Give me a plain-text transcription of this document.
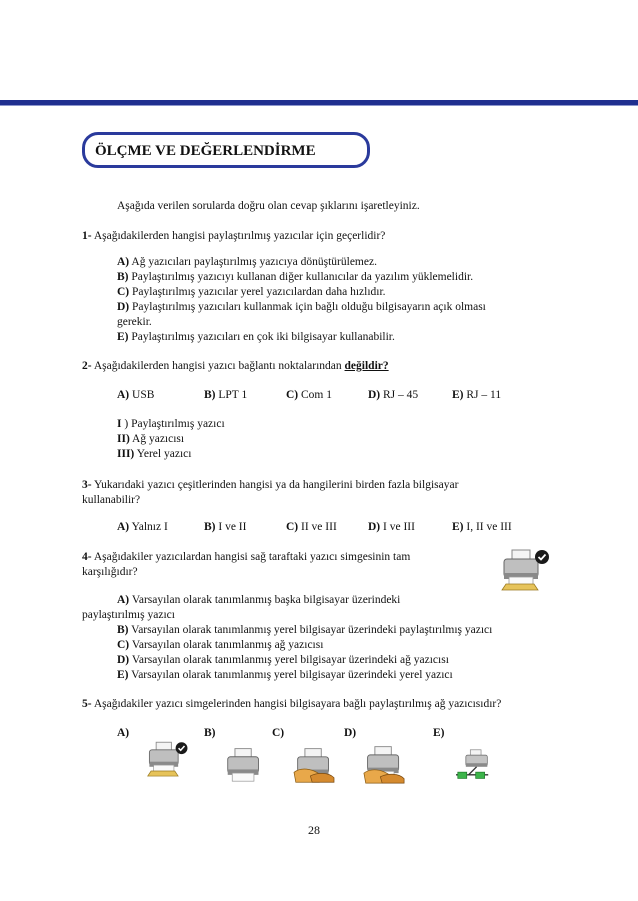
ÖLÇME VE DEĞERLENDİRME
Aşağıda verilen sorularda doğru olan cevap şıklarını işaretleyiniz.
1- Aşağıdakilerden hangisi paylaştırılmış yazıcılar için geçerlidir?
A) Ağ yazıcıları paylaştırılmış yazıcıya dönüştürülemez.
B) Paylaştırılmış yazıcıyı kullanan diğer kullanıcılar da yazılım yüklemelidir.
C) Paylaştırılmış yazıcılar yerel yazıcılardan daha hızlıdır.
D) Paylaştırılmış yazıcıları kullanmak için bağlı olduğu bilgisayarın açık olması
gerekir.
E) Paylaştırılmış yazıcıları en çok iki bilgisayar kullanabilir.
2- Aşağıdakilerden hangisi yazıcı bağlantı noktalarından değildir?
A) USB	B) LPT 1	C) Com 1	D) RJ – 45	E) RJ – 11
I ) Paylaştırılmış yazıcı
II) Ağ yazıcısı
III) Yerel yazıcı
3- Yukarıdaki yazıcı çeşitlerinden hangisi ya da hangilerini birden fazla bilgisayar
kullanabilir?
A) Yalnız I	B) I ve II	C) II ve III	D) I ve III	E) I, II ve III
4- Aşağıdakiler yazıcılardan hangisi sağ taraftaki yazıcı simgesinin tam
karşılığıdır?
A) Varsayılan olarak tanımlanmış başka bilgisayar üzerindeki
paylaştırılmış yazıcı
B) Varsayılan olarak tanımlanmış yerel bilgisayar üzerindeki paylaştırılmış yazıcı
C) Varsayılan olarak tanımlanmış ağ yazıcısı
D) Varsayılan olarak tanımlanmış yerel bilgisayar üzerindeki ağ yazıcısı
E) Varsayılan olarak tanımlanmış yerel bilgisayar üzerindeki yerel yazıcı
5- Aşağıdakiler yazıcı simgelerinden hangisi bilgisayara bağlı paylaştırılmış ağ yazıcısıdır?
A)	B)	C)	D)	E)
28
